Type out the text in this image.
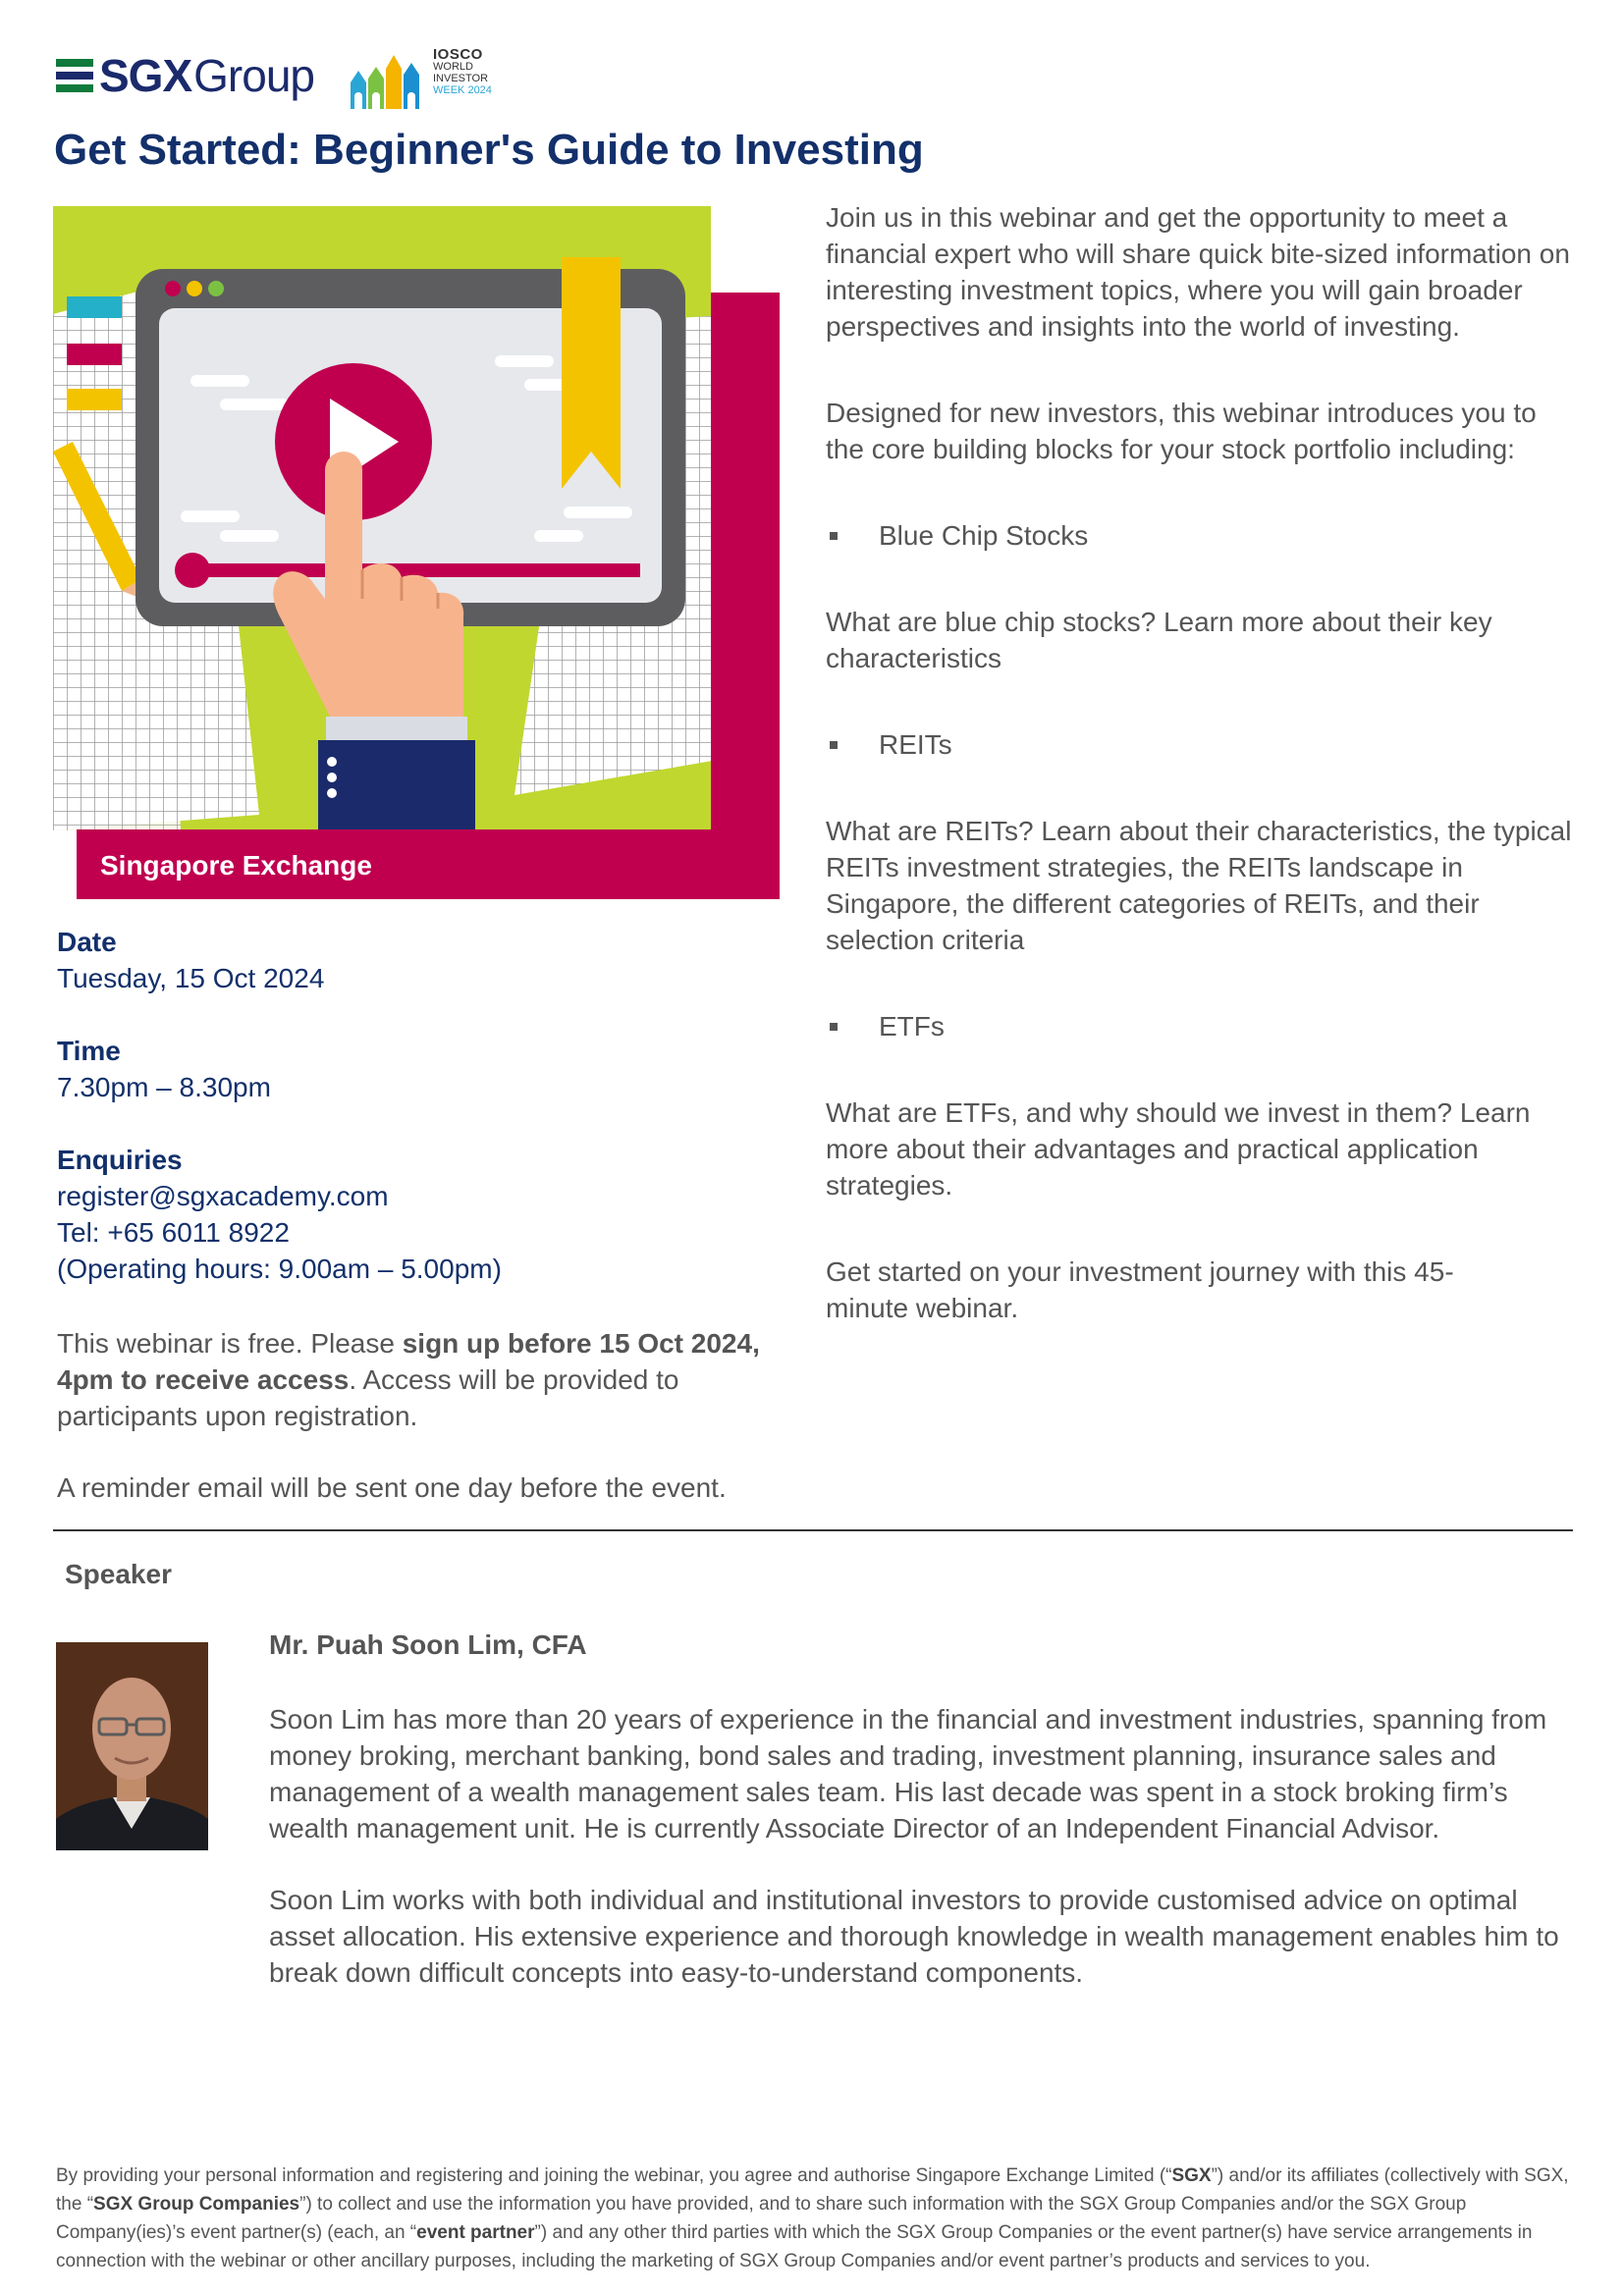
SGX Group	IOSCO
WORLD
INVESTOR
WEEK 2024
Get Started: Beginner's Guide to Investing
Singapore Exchange
Date
Tuesday, 15 Oct 2024
Time
7.30pm – 8.30pm
Enquiries
register@sgxacademy.com
Tel: +65 6011 8922
(Operating hours: 9.00am – 5.00pm)
This webinar is free. Please sign up before 15 Oct 2024, 4pm to receive access. Access will be provided to participants upon registration.
A reminder email will be sent one day before the event.

Join us in this webinar and get the opportunity to meet a financial expert who will share quick bite-sized information on interesting investment topics, where you will gain broader perspectives and insights into the world of investing.

Designed for new investors, this webinar introduces you to the core building blocks for your stock portfolio including:

Blue Chip Stocks

What are blue chip stocks? Learn more about their key characteristics

REITs

What are REITs? Learn about their characteristics, the typical REITs investment strategies, the REITs landscape in Singapore, the different categories of REITs, and their selection criteria

ETFs

What are ETFs, and why should we invest in them? Learn more about their advantages and practical application strategies.

Get started on your investment journey with this 45-minute webinar.

Speaker
Mr. Puah Soon Lim, CFA
Soon Lim has more than 20 years of experience in the financial and investment industries, spanning from money broking, merchant banking, bond sales and trading, investment planning, insurance sales and management of a wealth management sales team. His last decade was spent in a stock broking firm’s wealth management unit. He is currently Associate Director of an Independent Financial Advisor.
Soon Lim works with both individual and institutional investors to provide customised advice on optimal asset allocation. His extensive experience and thorough knowledge in wealth management enables him to break down difficult concepts into easy-to-understand components.
By providing your personal information and registering and joining the webinar, you agree and authorise Singapore Exchange Limited (“SGX”) and/or its affiliates (collectively with SGX, the “SGX Group Companies”) to collect and use the information you have provided, and to share such information with the SGX Group Companies and/or the SGX Group Company(ies)’s event partner(s) (each, an “event partner”) and any other third parties with which the SGX Group Companies or the event partner(s) have service arrangements in connection with the webinar or other ancillary purposes, including the marketing of SGX Group Companies and/or event partner’s products and services to you.
